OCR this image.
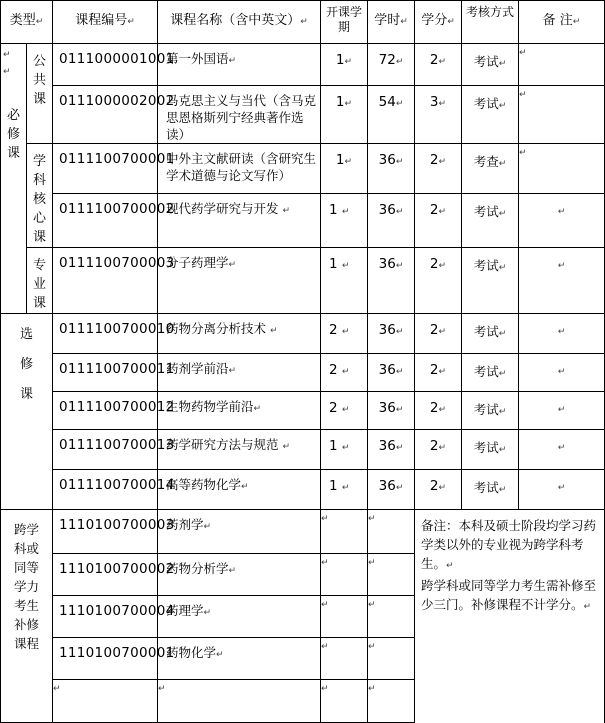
类型↵		课程编号↵	课程名称（含中英文）↵	开课学期	学时↵	学分↵	考核方式	备 注↵

↵
↵
必修课	公共课	0111000001001	第一外国语↵	1↵	72↵	2↵	考试↵	↵
		0111000002002	马克思主义与当代（含马克思恩格斯列宁经典著作选读）	1↵	54↵	3↵	考试↵	↵

	学科核心课	0111100700001	中外主文献研读（含研究生学术道德与论文写作）	1↵	36↵	2↵	考查↵	↵
		0111100700002	现代药学研究与开发 ↵	1 ↵	36↵	2↵	考试↵	↵

	专业课	0111100700003	分子药理学↵	1 ↵	36↵	2↵	考试↵	↵

选修课		0111100700010	药物分离分析技术 ↵	2 ↵	36↵	2↵	考试↵	↵
		0111100700011	药剂学前沿↵	2 ↵	36↵	2↵	考试↵	↵
		0111100700012	生物药物学前沿↵	2 ↵	36↵	2↵	考试↵	↵
		0111100700013	药学研究方法与规范 ↵	1 ↵	36↵	2↵	考试↵	↵
		0111100700014	高等药物化学↵	1 ↵	36↵	2↵	考试↵	↵

跨学科或同等学力考生补修课程		1110100700003	药剂学↵	↵	↵	备注：本科及硕士阶段均学习药学类以外的专业视为跨学科考生。↵
跨学科或同等学力考生需补修至少三门。补修课程不计学分。↵		
		1110100700002	药物分析学↵	↵	↵			
		1110100700004	药理学↵	↵	↵			
		1110100700001	药物化学↵	↵	↵			
		↵	↵	↵	↵			
